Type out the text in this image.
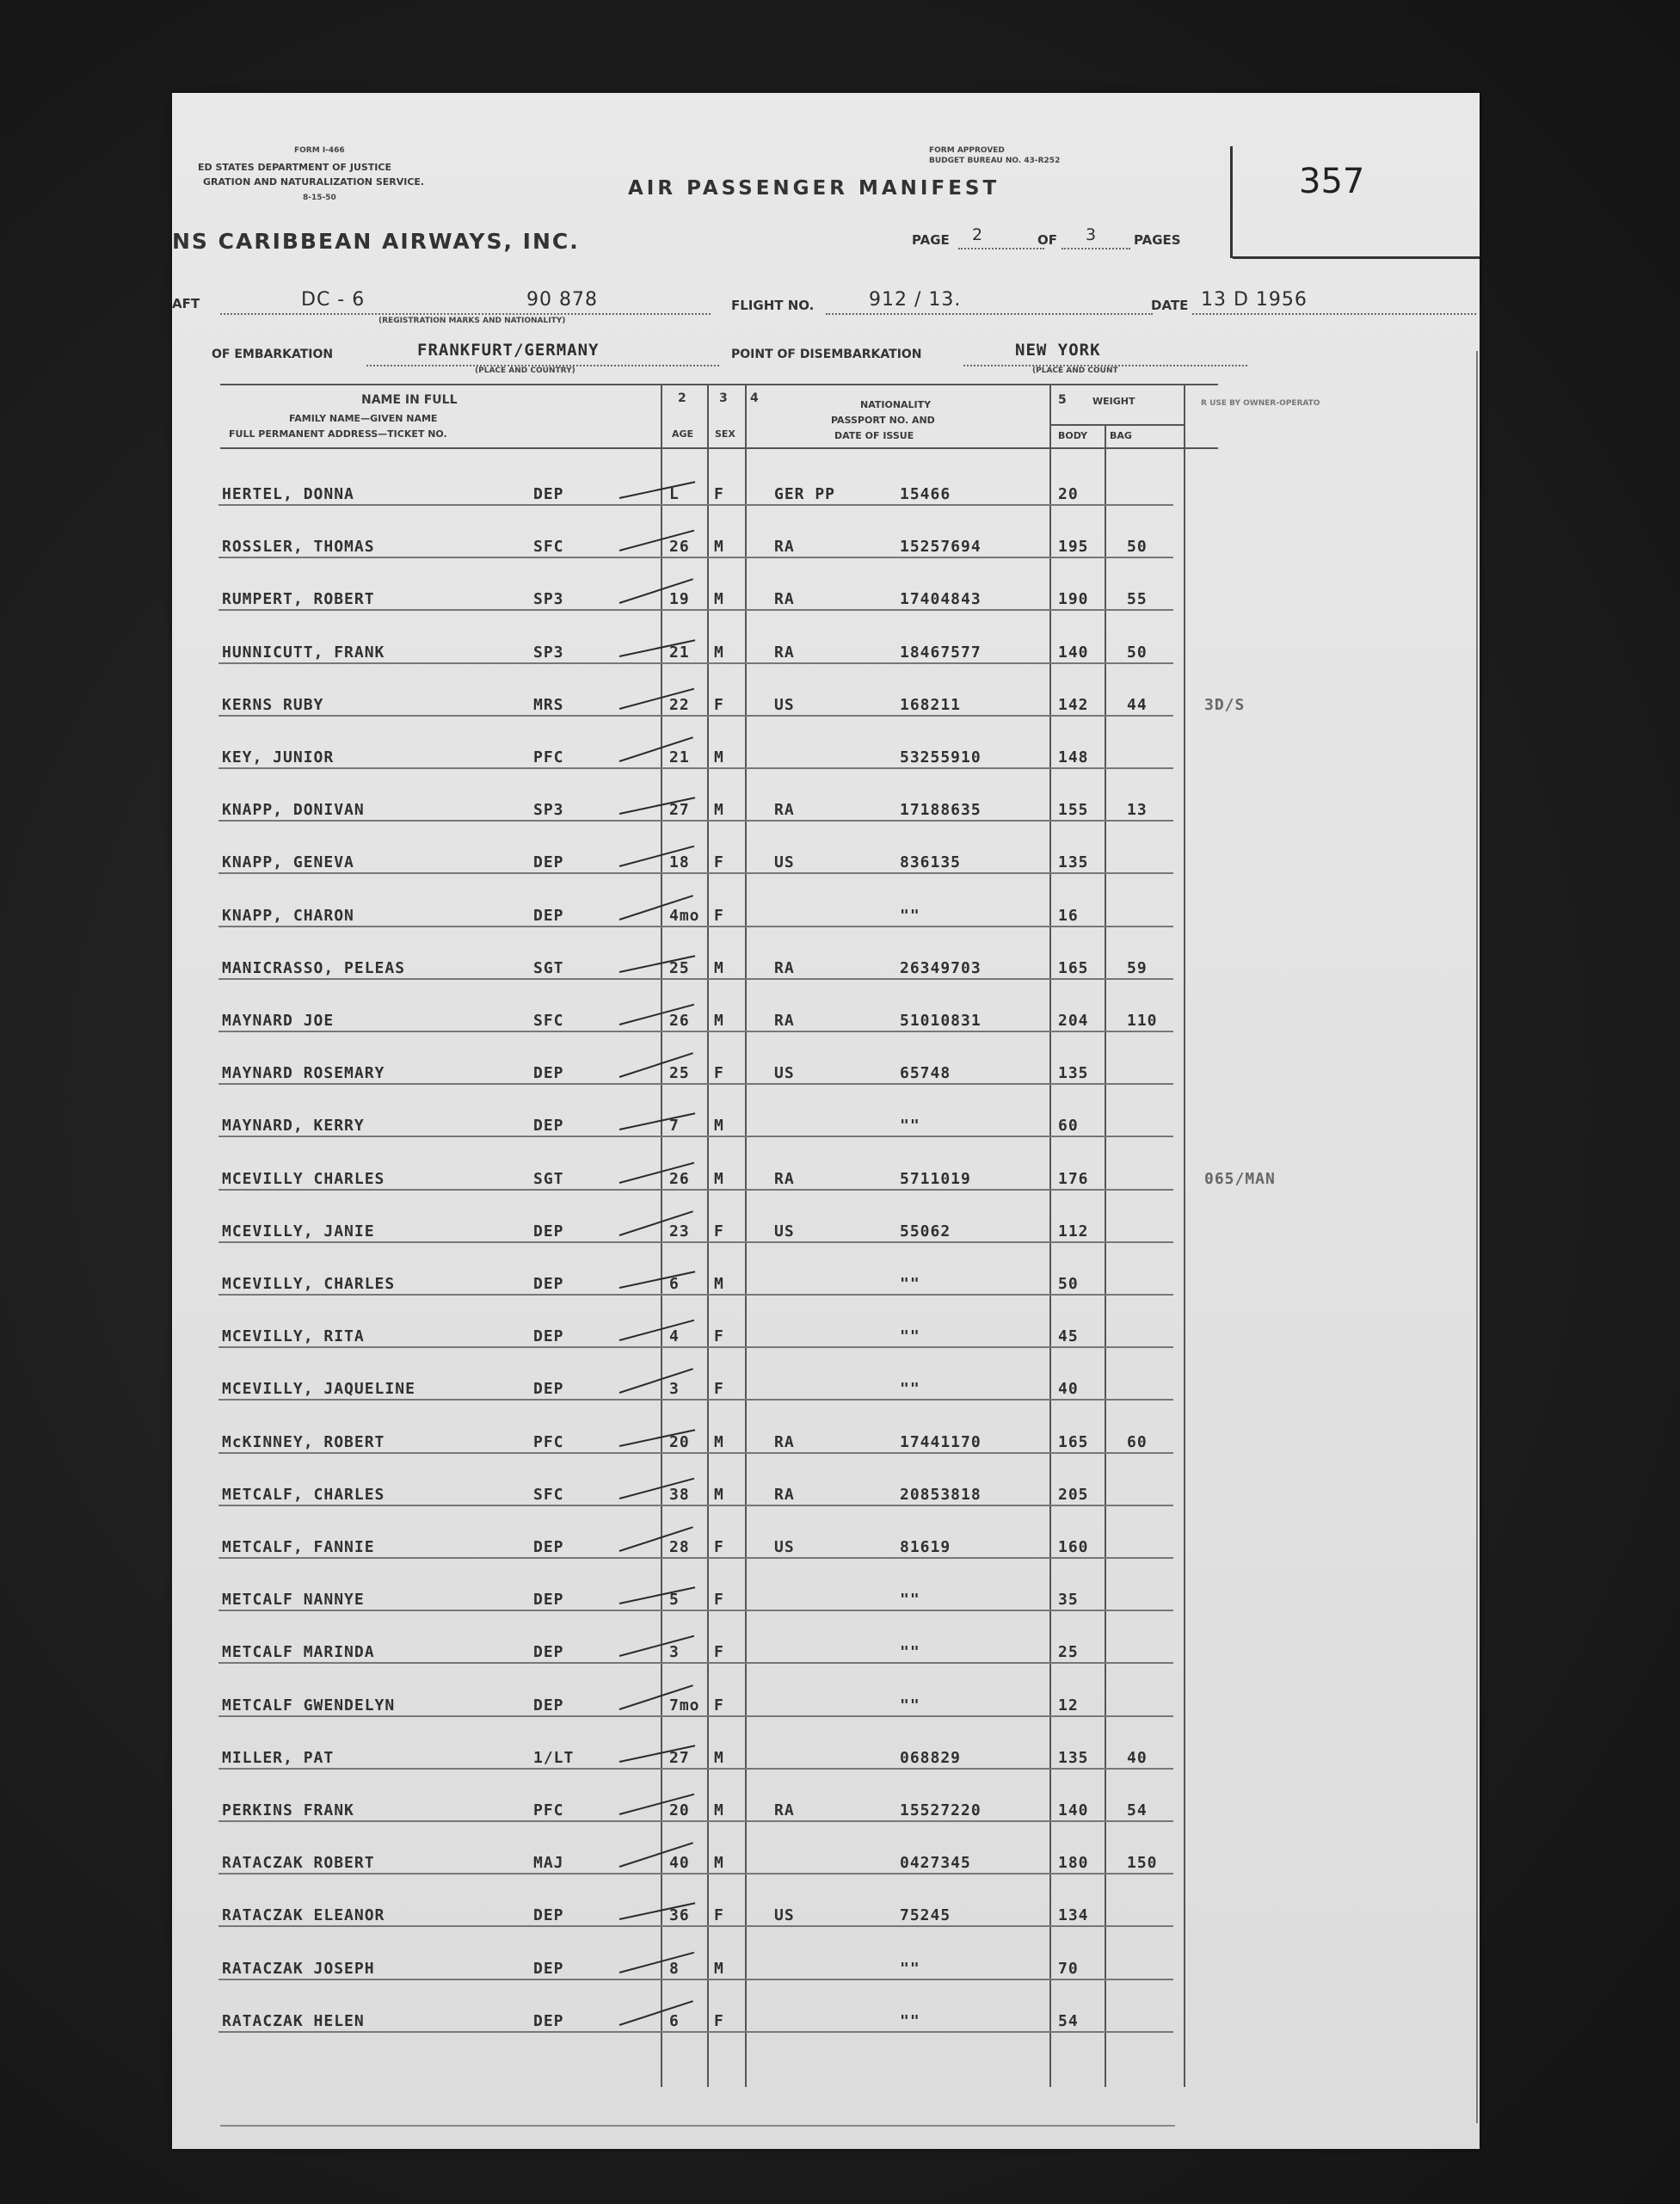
FORM I-466
ED STATES DEPARTMENT OF JUSTICE
GRATION AND NATURALIZATION SERVICE.
8-15-50
FORM APPROVED
BUDGET BUREAU NO. 43-R252
AIR PASSENGER MANIFEST	357
NS CARIBBEAN AIRWAYS, INC.	PAGE 2	OF 3	PAGES
AFT	DC - 6	90 878
(REGISTRATION MARKS AND NATIONALITY)
FLIGHT NO.	912 / 13.	DATE 13 D 1956
OF EMBARKATION	FRANKFURT/GERMANY
(PLACE AND COUNTRY)
POINT OF DISEMBARKATION	NEW YORK
(PLACE AND COUNT
NAME IN FULL
FAMILY NAME—GIVEN NAME
FULL PERMANENT ADDRESS—TICKET NO.
2
AGE
3
SEX
4	NATIONALITY
PASSPORT NO. AND
DATE OF ISSUE
5	WEIGHT
BODY BAG
R USE BY OWNER-OPERATO
HERTEL, DONNA	DEP	L F	GER PP	15466	20
ROSSLER, THOMAS	SFC	26 M	RA	15257694	195 50
RUMPERT, ROBERT	SP3	19 M	RA	17404843	190 55
HUNNICUTT, FRANK	SP3	21 M	RA	18467577	140 50
KERNS RUBY	MRS	22 F	US	168211	142 44	3D/S
KEY, JUNIOR	PFC	21 M	53255910	148
KNAPP, DONIVAN	SP3	27 M	RA	17188635	155 13
KNAPP, GENEVA	DEP	18 F	US	836135	135
KNAPP, CHARON	DEP	4mo F	""	16
MANICRASSO, PELEAS	SGT	25 M	RA	26349703	165 59
MAYNARD JOE	SFC	26 M	RA	51010831	204 110
MAYNARD ROSEMARY	DEP	25 F	US	65748	135
MAYNARD, KERRY	DEP	7 M	""	60
MCEVILLY CHARLES	SGT	26 M	RA	5711019	176	065/MAN
MCEVILLY, JANIE	DEP	23 F	US	55062	112
MCEVILLY, CHARLES	DEP	6 M	""	50
MCEVILLY, RITA	DEP	4 F	""	45
MCEVILLY, JAQUELINE	DEP	3 F	""	40
McKINNEY, ROBERT	PFC	20 M	RA	17441170	165 60
METCALF, CHARLES	SFC	38 M	RA	20853818	205
METCALF, FANNIE	DEP	28 F	US	81619	160
METCALF NANNYE	DEP	5 F	""	35
METCALF MARINDA	DEP	3 F	""	25
METCALF GWENDELYN	DEP	7mo F	""	12
MILLER, PAT	1/LT	27 M	068829	135 40
PERKINS FRANK	PFC	20 M	RA	15527220	140 54
RATACZAK ROBERT	MAJ	40 M	0427345	180 150
RATACZAK ELEANOR	DEP	36 F	US	75245	134
RATACZAK JOSEPH	DEP	8 M	""	70
RATACZAK HELEN	DEP	6 F	""	54
